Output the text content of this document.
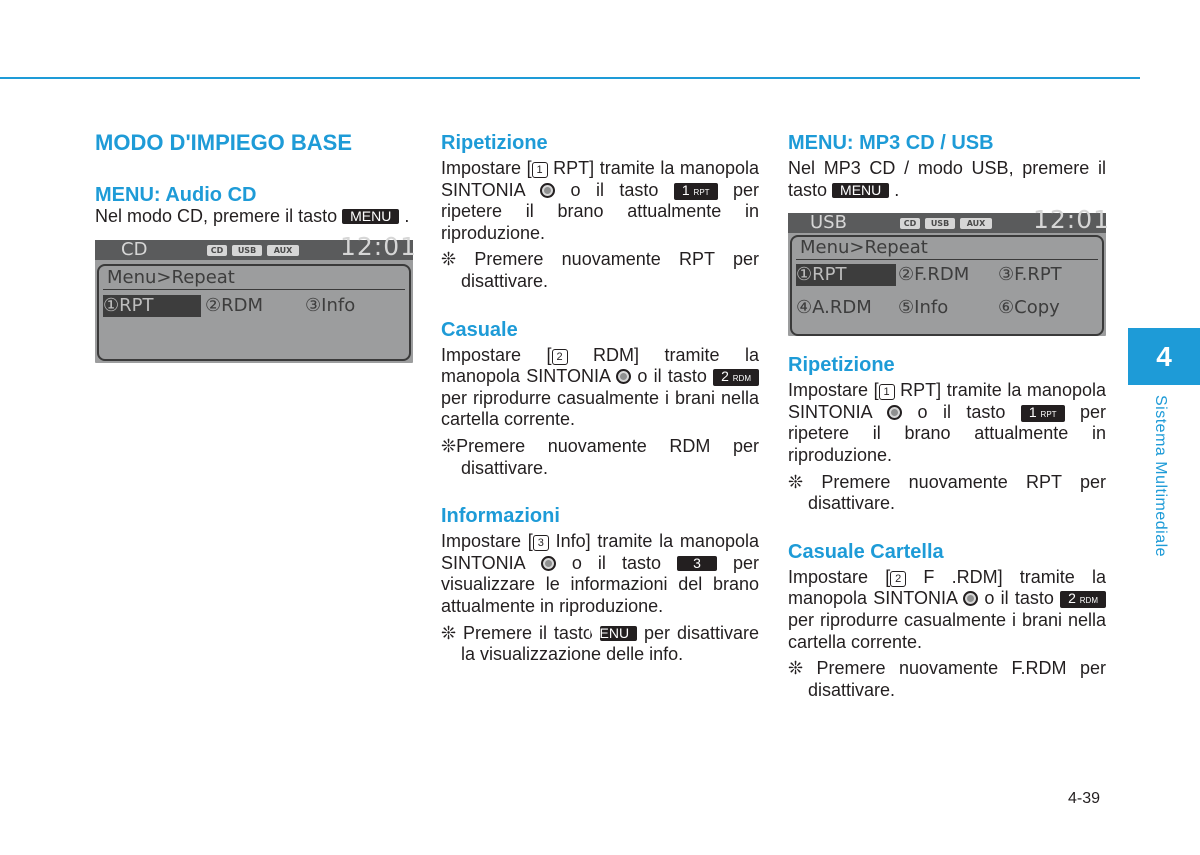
MODO D'IMPIEGO BASE
MENU: Audio CD

Nel modo CD, premere il tasto MENU .

CD	CD	USB	AUX 12:01
Menu>Repeat
①RPT	②RDM ③Info
Ripetizione

Impostare [ 1 RPT] tramite la manopola SINTONIA  o il tasto 1 RPT per ripetere il brano attualmente in riproduzione.

❊ Premere nuovamente RPT per disattivare.

Casuale

Impostare [ 2 RDM] tramite la manopola SINTONIA  o il tasto 2 RDM per riprodurre casualmente i brani nella cartella corrente.

❊Premere nuovamente RDM per disattivare.

Informazioni

Impostare [ 3 Info] tramite la manopola SINTONIA  o il tasto 3 per visualizzare le informazioni del brano attualmente in riproduzione.

❊ Premere il tasto MENU per disattivare la visualizzazione delle info.

MENU: MP3 CD / USB

Nel MP3 CD / modo USB, premere il tasto MENU .

USB	CD	USB	AUX 12:01
Menu>Repeat
①RPT	②F.RDM ③F.RPT
④A.RDM ⑤Info	⑥Copy
Ripetizione

Impostare [ 1 RPT] tramite la manopola SINTONIA  o il tasto 1 RPT per ripetere il brano attualmente in riproduzione.

❊ Premere nuovamente RPT per disattivare.

Casuale Cartella

Impostare [ 2 F .RDM] tramite la manopola SINTONIA  o il tasto 2 RDM per riprodurre casualmente i brani nella cartella corrente.

❊ Premere nuovamente F.RDM per disattivare.

4
Sistema Multimediale
4-39
